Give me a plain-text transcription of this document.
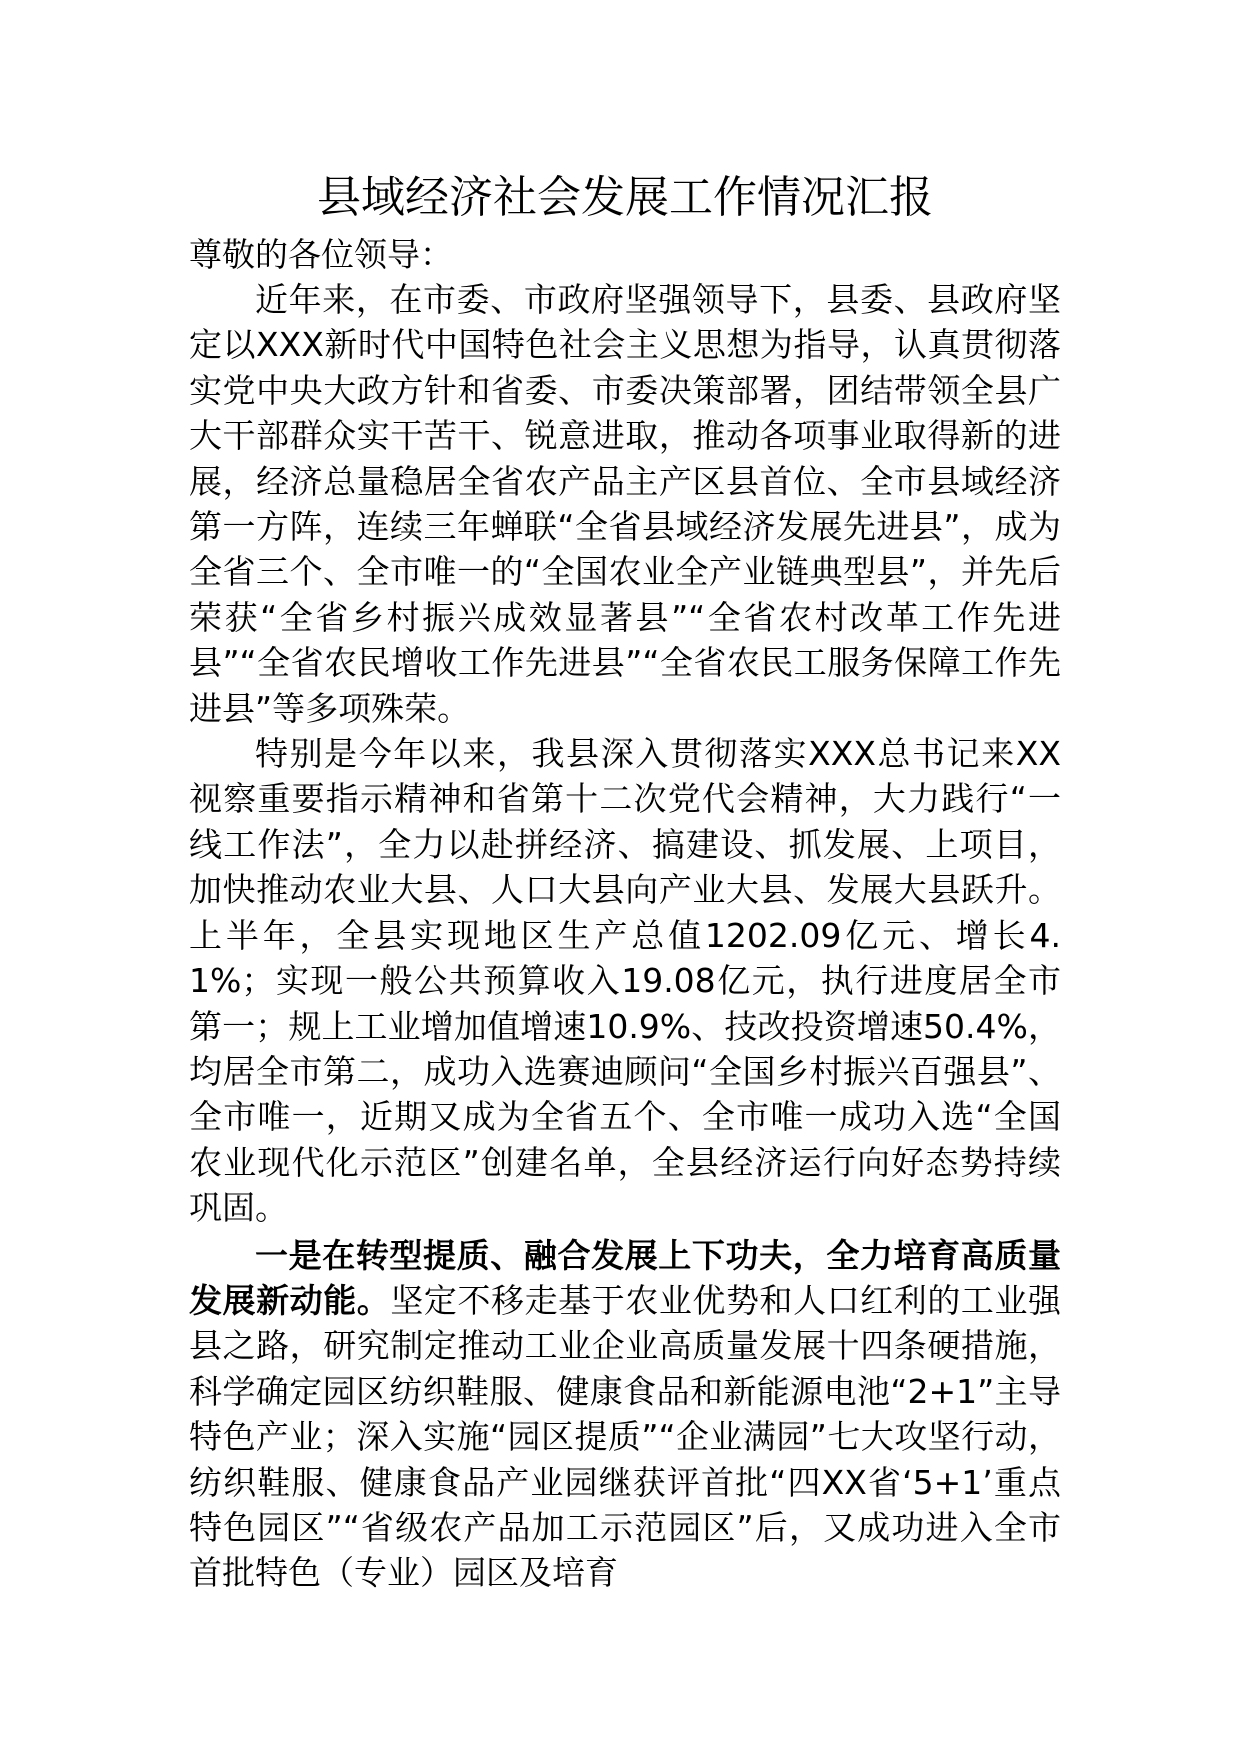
县域经济社会发展工作情况汇报

尊敬的各位领导：

近年来，在市委、市政府坚强领导下，县委、县政府坚定以XXX新时代中国特色社会主义思想为指导，认真贯彻落实党中央大政方针和省委、市委决策部署，团结带领全县广大干部群众实干苦干、锐意进取，推动各项事业取得新的进展，经济总量稳居全省农产品主产区县首位、全市县域经济第一方阵，连续三年蝉联“全省县域经济发展先进县”，成为全省三个、全市唯一的“全国农业全产业链典型县”，并先后荣获“全省乡村振兴成效显著县”“全省农村改革工作先进县”“全省农民增收工作先进县”“全省农民工服务保障工作先进县”等多项殊荣。

特别是今年以来，我县深入贯彻落实XXX总书记来XX视察重要指示精神和省第十二次党代会精神，大力践行“一线工作法”，全力以赴拼经济、搞建设、抓发展、上项目，加快推动农业大县、人口大县向产业大县、发展大县跃升。上半年，全县实现地区生产总值1202.09亿元、增长4.1%；实现一般公共预算收入19.08亿元，执行进度居全市第一；规上工业增加值增速10.9%、技改投资增速50.4%，均居全市第二，成功入选赛迪顾问“全国乡村振兴百强县”、全市唯一，近期又成为全省五个、全市唯一成功入选“全国农业现代化示范区”创建名单，全县经济运行向好态势持续巩固。

一是在转型提质、融合发展上下功夫，全力培育高质量发展新动能。坚定不移走基于农业优势和人口红利的工业强县之路，研究制定推动工业企业高质量发展十四条硬措施，科学确定园区纺织鞋服、健康食品和新能源电池“2+1”主导特色产业；深入实施“园区提质”“企业满园”七大攻坚行动，纺织鞋服、健康食品产业园继获评首批“四XX省‘5+1’重点特色园区”“省级农产品加工示范园区”后，又成功进入全市首批特色（专业）园区及培育
